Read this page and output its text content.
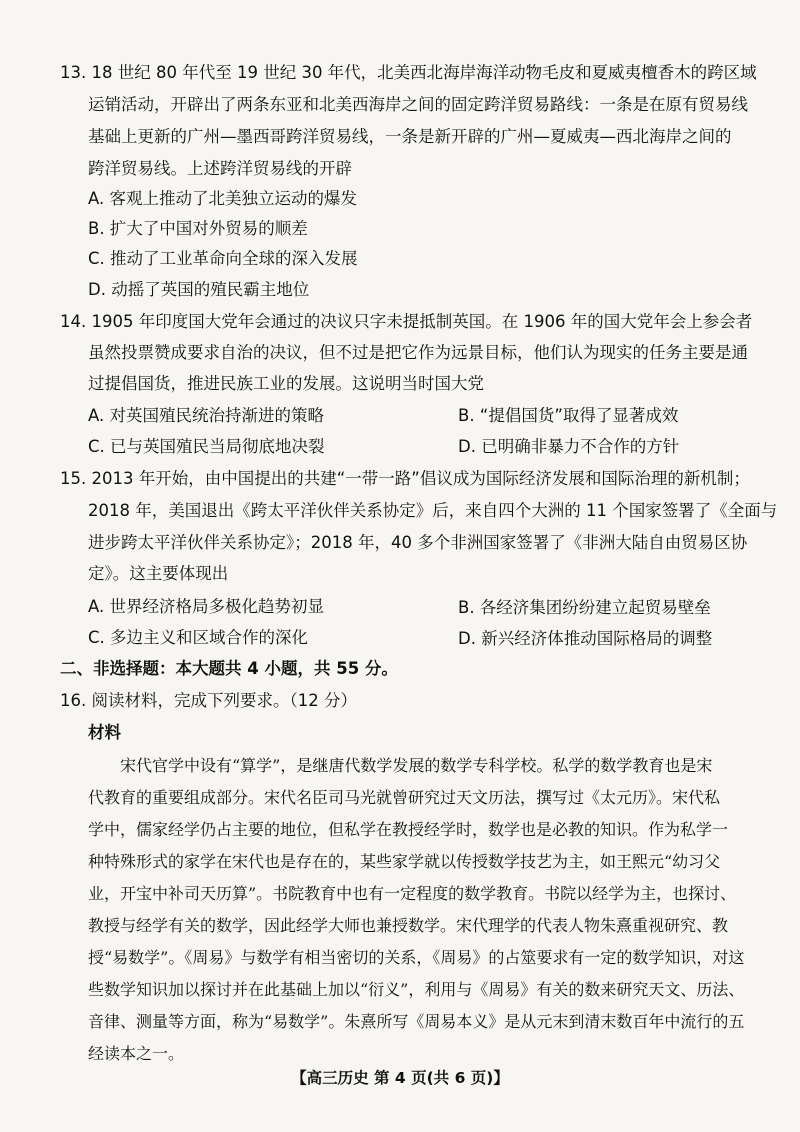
13. 18 世纪 80 年代至 19 世纪 30 年代，北美西北海岸海洋动物毛皮和夏威夷檀香木的跨区域
运销活动，开辟出了两条东亚和北美西海岸之间的固定跨洋贸易路线：一条是在原有贸易线
基础上更新的广州—墨西哥跨洋贸易线，一条是新开辟的广州—夏威夷—西北海岸之间的
跨洋贸易线。上述跨洋贸易线的开辟
A. 客观上推动了北美独立运动的爆发
B. 扩大了中国对外贸易的顺差
C. 推动了工业革命向全球的深入发展
D. 动摇了英国的殖民霸主地位
14. 1905 年印度国大党年会通过的决议只字未提抵制英国。在 1906 年的国大党年会上参会者
虽然投票赞成要求自治的决议，但不过是把它作为远景目标，他们认为现实的任务主要是通
过提倡国货，推进民族工业的发展。这说明当时国大党
A. 对英国殖民统治持渐进的策略	B. “提倡国货”取得了显著成效
C. 已与英国殖民当局彻底地决裂	D. 已明确非暴力不合作的方针
15. 2013 年开始，由中国提出的共建“一带一路”倡议成为国际经济发展和国际治理的新机制；
2018 年，美国退出《跨太平洋伙伴关系协定》后，来自四个大洲的 11 个国家签署了《全面与
进步跨太平洋伙伴关系协定》；2018 年，40 多个非洲国家签署了《非洲大陆自由贸易区协
定》。这主要体现出
A. 世界经济格局多极化趋势初显	B. 各经济集团纷纷建立起贸易壁垒
C. 多边主义和区域合作的深化	D. 新兴经济体推动国际格局的调整
二、非选择题：本大题共 4 小题，共 55 分。
16. 阅读材料，完成下列要求。（12 分）
材料
宋代官学中设有“算学”，是继唐代数学发展的数学专科学校。私学的数学教育也是宋
代教育的重要组成部分。宋代名臣司马光就曾研究过天文历法，撰写过《太元历》。宋代私
学中，儒家经学仍占主要的地位，但私学在教授经学时，数学也是必教的知识。作为私学一
种特殊形式的家学在宋代也是存在的，某些家学就以传授数学技艺为主，如王熙元“幼习父
业，开宝中补司天历算”。书院教育中也有一定程度的数学教育。书院以经学为主，也探讨、
教授与经学有关的数学，因此经学大师也兼授数学。宋代理学的代表人物朱熹重视研究、教
授“易数学”。《周易》与数学有相当密切的关系，《周易》的占筮要求有一定的数学知识，对这
些数学知识加以探讨并在此基础上加以“衍义”，利用与《周易》有关的数来研究天文、历法、
音律、测量等方面，称为“易数学”。朱熹所写《周易本义》是从元末到清末数百年中流行的五
经读本之一。
【高三历史 第 4 页(共 6 页)】
